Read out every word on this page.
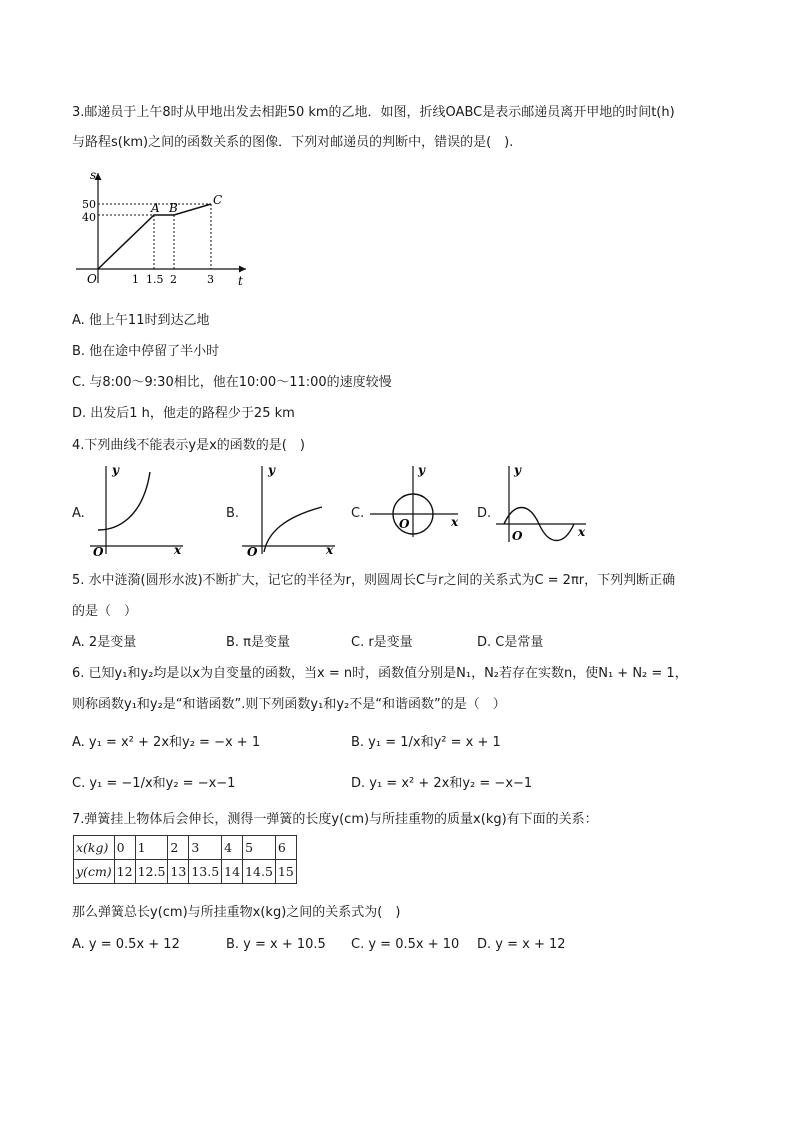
3.邮递员于上午8时从甲地出发去相距50 km的乙地．如图，折线OABC是表示邮递员离开甲地的时间t(h)
与路程s(km)之间的函数关系的图像．下列对邮递员的判断中，错误的是(　).
s
t
O
50
40
1 1.5 2	3
A B
C
A. 他上午11时到达乙地
B. 他在途中停留了半小时
C. 与8:00～9:30相比，他在10:00～11:00的速度较慢
D. 出发后1 h，他走的路程少于25 km
4.下列曲线不能表示y是x的函数的是(　)
A.
y
x
O
B.
y
x
O
C.
y
x
O
D.
y
x
O
5. 水中涟漪(圆形水波)不断扩大，记它的半径为r，则圆周长C与r之间的关系式为C = 2πr，下列判断正确
的是（　）
A. 2是变量	B. π是变量	C. r是变量	D. C是常量
6. 已知y₁和y₂均是以x为自变量的函数，当x = n时，函数值分别是N₁，N₂若存在实数n，使N₁ + N₂ = 1，
则称函数y₁和y₂是“和谐函数”.则下列函数y₁和y₂不是“和谐函数”的是（　）
A. y₁ = x² + 2x和y₂ = −x + 1	B. y₁ = 1/x和y² = x + 1
C. y₁ = −1/x和y₂ = −x−1	D. y₁ = x² + 2x和y₂ = −x−1
7.弹簧挂上物体后会伸长，测得一弹簧的长度y(cm)与所挂重物的质量x(kg)有下面的关系：
x(kg)	0	1	2	3	4	5	6
y(cm)	12	12.5	13	13.5	14	14.5	15
那么弹簧总长y(cm)与所挂重物x(kg)之间的关系式为(　)
A. y = 0.5x + 12	B. y = x + 10.5 C. y = 0.5x + 10 D. y = x + 12
